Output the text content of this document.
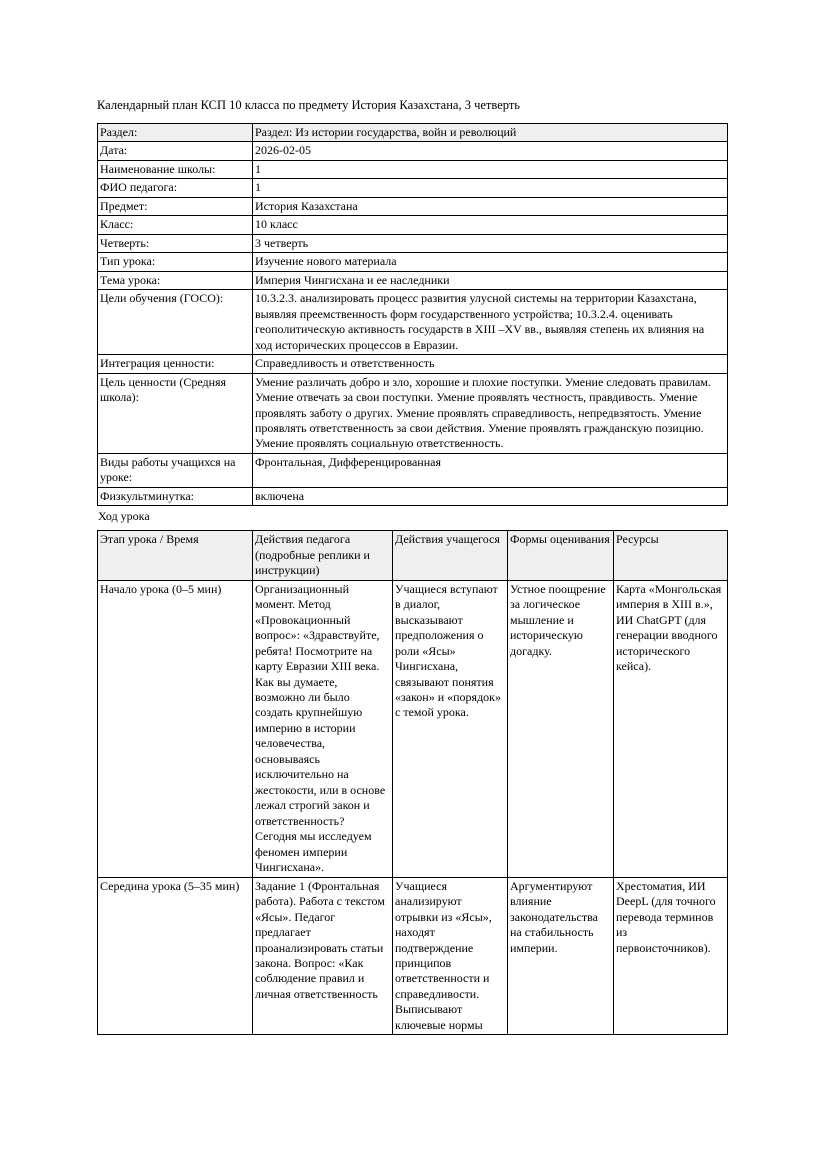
Календарный план КСП 10 класса по предмету История Казахстана, 3 четверть

Раздел:	Раздел: Из истории государства, войн и революций
Дата:	2026-02-05
Наименование школы:	1
ФИО педагога:	1
Предмет:	История Казахстана
Класс:	10 класс
Четверть:	3 четверть
Тип урока:	Изучение нового материала
Тема урока:	Империя Чингисхана и ее наследники
Цели обучения (ГОСО):	10.3.2.3. анализировать процесс развития улусной системы на территории Казахстана, выявляя преемственность форм государственного устройства; 10.3.2.4. оценивать геополитическую активность государств в XIII –XV вв., выявляя степень их влияния на ход исторических процессов в Евразии.
Интеграция ценности:	Справедливость и ответственность
Цель ценности (Средняя школа):	Умение различать добро и зло, хорошие и плохие поступки. Умение следовать правилам. Умение отвечать за свои поступки. Умение проявлять честность, правдивость. Умение проявлять заботу о других. Умение проявлять справедливость, непредвзятость. Умение проявлять ответственность за свои действия. Умение проявлять гражданскую позицию. Умение проявлять социальную ответственность.
Виды работы учащихся на уроке:	Фронтальная, Дифференцированная
Физкультминутка:	включена

Ход урока

Этап урока / Время	Действия педагога (подробные реплики и инструкции)	Действия учащегося	Формы оценивания	Ресурсы
Начало урока (0–5 мин)	Организационный момент. Метод «Провокационный вопрос»: «Здравствуйте, ребята! Посмотрите на карту Евразии XIII века. Как вы думаете, возможно ли было создать крупнейшую империю в истории человечества, основываясь исключительно на жестокости, или в основе лежал строгий закон и ответственность? Сегодня мы исследуем феномен империи Чингисхана».	Учащиеся вступают в диалог, высказывают предположения о роли «Ясы» Чингисхана, связывают понятия «закон» и «порядок» с темой урока.	Устное поощрение за логическое мышление и историческую догадку.	Карта «Монгольская империя в XIII в.», ИИ ChatGPT (для генерации вводного исторического кейса).

Середина урока (5–35 мин)	Задание 1 (Фронтальная работа). Работа с текстом «Ясы». Педагог предлагает проанализировать статьи закона. Вопрос: «Как соблюдение правил и личная ответственность	Учащиеся анализируют отрывки из «Ясы», находят подтверждение принципов ответственности и справедливости. Выписывают ключевые нормы	Аргументируют влияние законодательства на стабильность империи.	Хрестоматия, ИИ DeepL (для точного перевода терминов из первоисточников).
